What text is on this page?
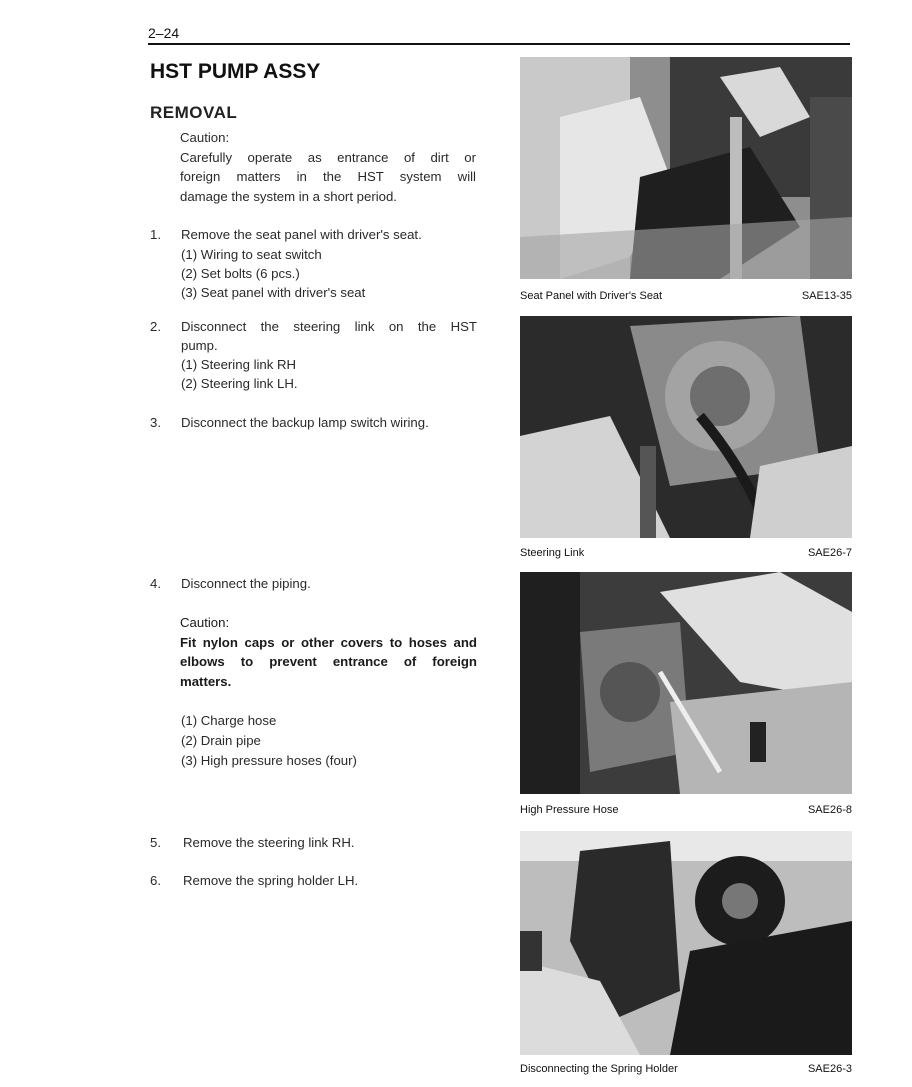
2–24
HST PUMP ASSY
REMOVAL

Caution:

Carefully operate as entrance of dirt or

foreign matters in the HST system will

damage the system in a short period.

1. Remove the seat panel with driver's seat.
(1) Wiring to seat switch
(2) Set bolts (6 pcs.)
(3) Seat panel with driver's seat
2. Disconnect the steering link on the HST
pump.
(1) Steering link RH
(2) Steering link LH.
3. Disconnect the backup lamp switch wiring.
4. Disconnect the piping.

Caution:

Fit nylon caps or other covers to hoses and

elbows to prevent entrance of foreign

matters.

(1) Charge hose
(2) Drain pipe
(3) High pressure hoses (four)
5. Remove the steering link RH.
6. Remove the spring holder LH.
Seat Panel with Driver's Seat	SAE13-35
Steering Link	SAE26-7
High Pressure Hose	SAE26-8
Disconnecting the Spring Holder	SAE26-3
